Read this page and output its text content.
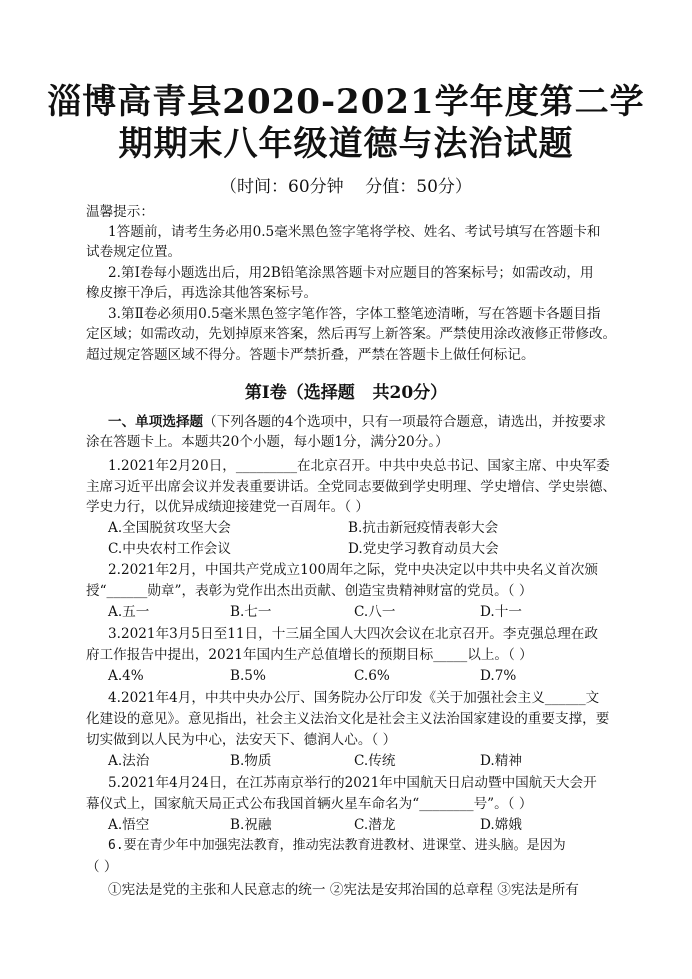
淄博高青县2020-2021学年度第二学
期期末八年级道德与法治试题
（时间：60分钟    分值：50分）
温馨提示：
1答题前，请考生务必用0.5毫米黑色签字笔将学校、姓名、考试号填写在答题卡和
试卷规定位置。
2.第Ⅰ卷每小题选出后，用2B铅笔涂黑答题卡对应题目的答案标号；如需改动，用
橡皮擦干净后，再选涂其他答案标号。
3.第Ⅱ卷必须用0.5毫米黑色签字笔作答，字体工整笔迹清晰，写在答题卡各题目指
定区域；如需改动，先划掉原来答案，然后再写上新答案。严禁使用涂改液修正带修改。
超过规定答题区域不得分。答题卡严禁折叠，严禁在答题卡上做任何标记。
第Ⅰ卷（选择题   共20分）
一、单项选择题（下列各题的4个选项中，只有一项最符合题意，请选出，并按要求
涂在答题卡上。本题共20个小题，每小题1分，满分20分。）
1.2021年2月20日，_________在北京召开。中共中央总书记、国家主席、中央军委
主席习近平出席会议并发表重要讲话。全党同志要做到学史明理、学史增信、学史崇德、
学史力行，以优异成绩迎接建党一百周年。（ ）
A.全国脱贫攻坚大会	B.抗击新冠疫情表彰大会
C.中央农村工作会议	D.党史学习教育动员大会
2.2021年2月，中国共产党成立100周年之际，党中央决定以中共中央名义首次颁
授“______勋章”，表彰为党作出杰出贡献、创造宝贵精神财富的党员。（ ）
A.五一	B.七一	C.八一	D.十一
3.2021年3月5日至11日，十三届全国人大四次会议在北京召开。李克强总理在政
府工作报告中提出，2021年国内生产总值增长的预期目标_____以上。（ ）
A.4%	B.5%	C.6%	D.7%
4.2021年4月，中共中央办公厅、国务院办公厅印发《关于加强社会主义______文
化建设的意见》。意见指出，社会主义法治文化是社会主义法治国家建设的重要支撑，要
切实做到以人民为中心，法安天下、德润人心。（ ）
A.法治	B.物质	C.传统	D.精神
5.2021年4月24日，在江苏南京举行的2021年中国航天日启动暨中国航天大会开
幕仪式上，国家航天局正式公布我国首辆火星车命名为“________号”。（ ）
A.悟空	B.祝融	C.潜龙	D.嫦娥
6.要在青少年中加强宪法教育，推动宪法教育进教材、进课堂、进头脑。是因为
（ ）
①宪法是党的主张和人民意志的统一 ②宪法是安邦治国的总章程 ③宪法是所有
